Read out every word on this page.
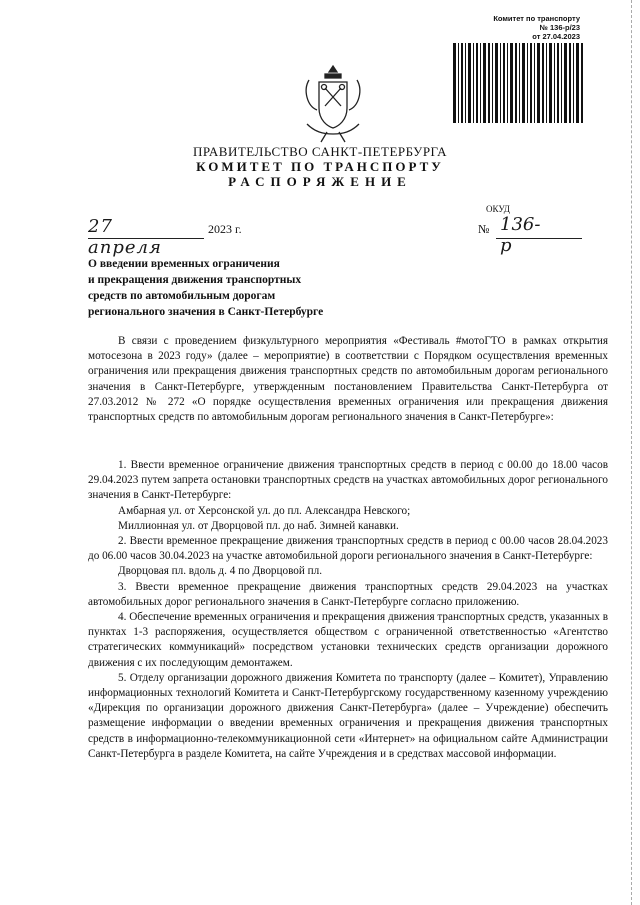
Комитет по транспорту
№ 136-р/23
от 27.04.2023
ПРАВИТЕЛЬСТВО САНКТ-ПЕТЕРБУРГА
КОМИТЕТ ПО ТРАНСПОРТУ
РАСПОРЯЖЕНИЕ
ОКУД
27 апреля
2023 г.	№ 136-р
О введении временных ограничения
и прекращения движения транспортных
средств по автомобильным дорогам
регионального значения в Санкт-Петербурге

В связи с проведением физкультурного мероприятия «Фестиваль #мотоГТО в рамках открытия мотосезона в 2023 году» (далее – мероприятие) в соответствии с Порядком осуществления временных ограничения или прекращения движения транспортных средств по автомобильным дорогам регионального значения в Санкт-Петербурге, утвержденным постановлением Правительства Санкт-Петербурга от 27.03.2012 № 272 «О порядке осуществления временных ограничения или прекращения движения транспортных средств по автомобильным дорогам регионального значения в Санкт-Петербурге»:

1. Ввести временное ограничение движения транспортных средств в период с 00.00 до 18.00 часов 29.04.2023 путем запрета остановки транспортных средств на участках автомобильных дорог регионального значения в Санкт-Петербурге:

Амбарная ул. от Херсонской ул. до пл. Александра Невского;

Миллионная ул. от Дворцовой пл. до наб. Зимней канавки.

2. Ввести временное прекращение движения транспортных средств в период с 00.00 часов 28.04.2023 до 06.00 часов 30.04.2023 на участке автомобильной дороги регионального значения в Санкт-Петербурге:

Дворцовая пл. вдоль д. 4 по Дворцовой пл.

3. Ввести временное прекращение движения транспортных средств 29.04.2023 на участках автомобильных дорог регионального значения в Санкт-Петербурге согласно приложению.

4. Обеспечение временных ограничения и прекращения движения транспортных средств, указанных в пунктах 1-3 распоряжения, осуществляется обществом с ограниченной ответственностью «Агентство стратегических коммуникаций» посредством установки технических средств организации дорожного движения с их последующим демонтажем.

5. Отделу организации дорожного движения Комитета по транспорту (далее – Комитет), Управлению информационных технологий Комитета и Санкт-Петербургскому государственному казенному учреждению «Дирекция по организации дорожного движения Санкт-Петербурга» (далее – Учреждение) обеспечить размещение информации о введении временных ограничения и прекращения движения транспортных средств в информационно-телекоммуникационной сети «Интернет» на официальном сайте Администрации Санкт-Петербурга в разделе Комитета, на сайте Учреждения и в средствах массовой информации.
